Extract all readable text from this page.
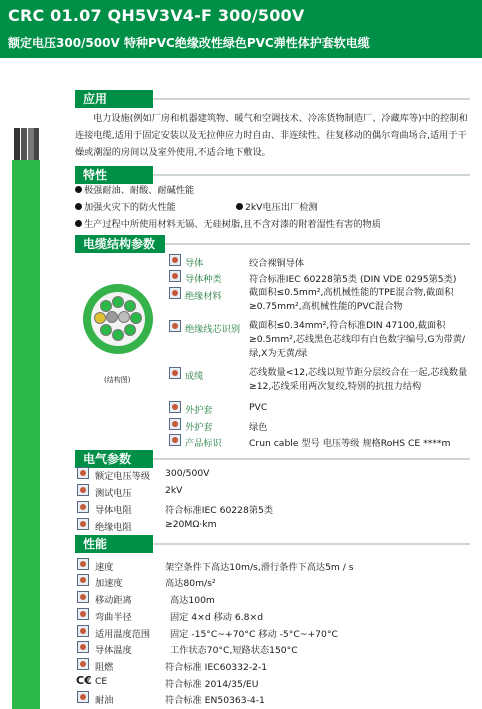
CRC 01.07 QH5V3V4-F 300/500V
额定电压300/500V 特种PVC绝缘改性绿色PVC弹性体护套软电缆
应用
电力设施(例如厂房和机器建筑物、暖气和空调技术、冷冻货物制造厂、冷藏库等)中的控制和连接电缆,适用于固定安装以及无拉伸应力时自由、非连续性、往复移动的偶尔弯曲场合,适用于干燥或潮湿的房间以及室外使用,不适合地下敷设。
特性
极强耐油、耐酸、耐碱性能
加强火灾下的防火性能	2kV电压出厂检测
生产过程中所使用材料无镉、无硅树脂,且不含对漆的附着湿性有害的物质
电缆结构参数
(结构图)
导体	绞合裸铜导体
导体种类	符合标准IEC 60228第5类 (DIN VDE 0295第5类)
绝缘材料	截面积≤0.5mm²,高机械性能的TPE混合物,截面积≥0.75mm²,高机械性能的PVC混合物
绝缘线芯识别 截面积≤0.34mm²,符合标准DIN 47100,截面积≥0.5mm²,芯线黑色芯线印有白色数字编号,G为带黄/绿,X为无黄/绿
成缆	芯线数量<12,芯线以短节距分层绞合在一起,芯线数量≥12,芯线采用两次复绞,特别的抗扭力结构
外护套	PVC
外护套	绿色
产品标识	Crun cable 型号 电压等级 规格RoHS CE ****m
电气参数
额定电压等级 300/500V
测试电压	2kV
导体电阻	符合标准IEC 60228第5类
绝缘电阻	≥20MΩ·km
性能
速度	架空条件下高达10m/s,滑行条件下高达5m / s
加速度	高达80m/s²
移动距离	高达100m
弯曲半径	固定 4×d 移动 6.8×d
适用温度范围 固定 -15°C~+70°C 移动 -5°C~+70°C
导体温度	工作状态70°C,短路状态150°C
阻燃	符合标准 IEC60332-2-1
C€ CE	符合标准 2014/35/EU
耐油	符合标准 EN50363-4-1
